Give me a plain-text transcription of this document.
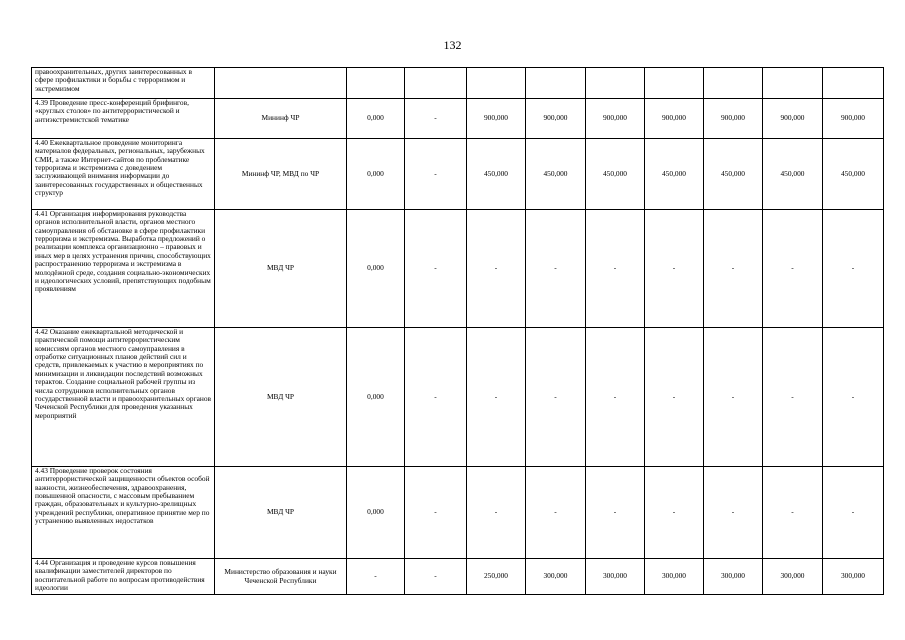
132
правоохранительных, других заинтересованных в сфере профилактики и борьбы с терроризмом и экстремизмом										

4.39 Проведение пресс-конференций брифингов, «круглых столов» по антитеррористической и антиэкстремистской тематике	Мининф ЧР	0,000	-	900,000	900,000	900,000	900,000	900,000	900,000	900,000

4.40 Ежеквартальное проведение мониторинга материалов федеральных, региональных, зарубежных СМИ, а также Интернет-сайтов по проблематике терроризма и экстремизма с доведением заслуживающей внимания информации до заинтересованных государственных и общественных структур	Мининф ЧР, МВД по ЧР	0,000	-	450,000	450,000	450,000	450,000	450,000	450,000	450,000

4.41 Организация информирования руководства органов исполнительной власти, органов местного самоуправления об обстановке в сфере профилактики терроризма и экстремизма. Выработка предложений о реализации комплекса организационно – правовых и иных мер в целях устранения причин, способствующих распространению терроризма и экстремизма в молодёжной среде, создания социально-экономических и идеологических условий, препятствующих подобным проявлениям	МВД ЧР	0,000	-	-	-	-	-	-	-	-

4.42 Оказание ежеквартальной методической и практической помощи антитеррористическим комиссиям органов местного самоуправления в отработке ситуационных планов действий сил и средств, привлекаемых к участию в мероприятиях по минимизации и ликвидации последствий возможных терактов. Создание социальной рабочей группы из числа сотрудников исполнительных органов государственной власти и правоохранительных органов Чеченской Республики для проведения указанных мероприятий	МВД ЧР	0,000	-	-	-	-	-	-	-	-

4.43 Проведение проверок состояния антитеррористической защищенности объектов особой важности, жизнеобеспечения, здравоохранения, повышенной опасности, с массовым пребыванием граждан, образовательных и культурно-зрелищных учреждений республики, оперативное принятие мер по устранению выявленных недостатков	МВД ЧР	0,000	-	-	-	-	-	-	-	-

4.44 Организация и проведение курсов повышения квалификации заместителей директоров по воспитательной работе по вопросам противодействия идеологии	Министерство образования и науки Чеченской Республики	-	-	250,000	300,000	300,000	300,000	300,000	300,000	300,000
